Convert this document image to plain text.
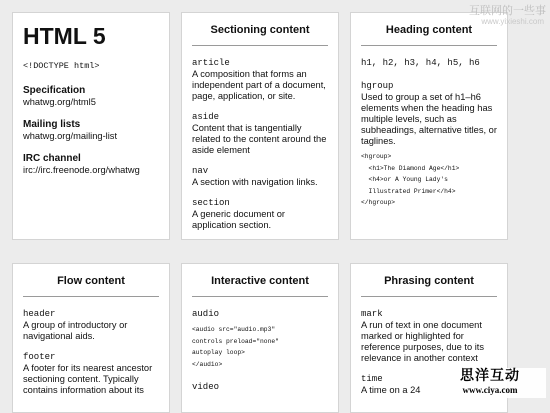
HTML 5
<!DOCTYPE html>
Specification
whatwg.org/html5
Mailing lists
whatwg.org/mailing-list
IRC channel
irc://irc.freenode.org/whatwg
Sectioning content
article
A composition that forms an independent part of a document, page, application, or site.
aside
Content that is tangentially related to the content around the aside element
nav
A section with navigation links.
section
A generic document or application section.
Heading content
h1, h2, h3, h4, h5, h6
hgroup
Used to group a set of h1–h6 elements when the heading has multiple levels, such as subheadings, alternative titles, or taglines.
<hgroup>
<h1>The Diamond Age</h1>
<h4>or A Young Lady's
Illustrated Primer</h4>
</hgroup>
Flow content
header
A group of introductory or navigational aids.
footer
A footer for its nearest ancestor sectioning content. Typically contains information about its
Interactive content
audio
<audio src="audio.mp3"
controls preload="none"
autoplay loop>
</audio>
video
Phrasing content
mark
A run of text in one document marked or highlighted for reference purposes, due to its relevance in another context
time
A time on a 24
互联网的一些事
www.yixieshi.com
思洋互动
www.ciya.com
